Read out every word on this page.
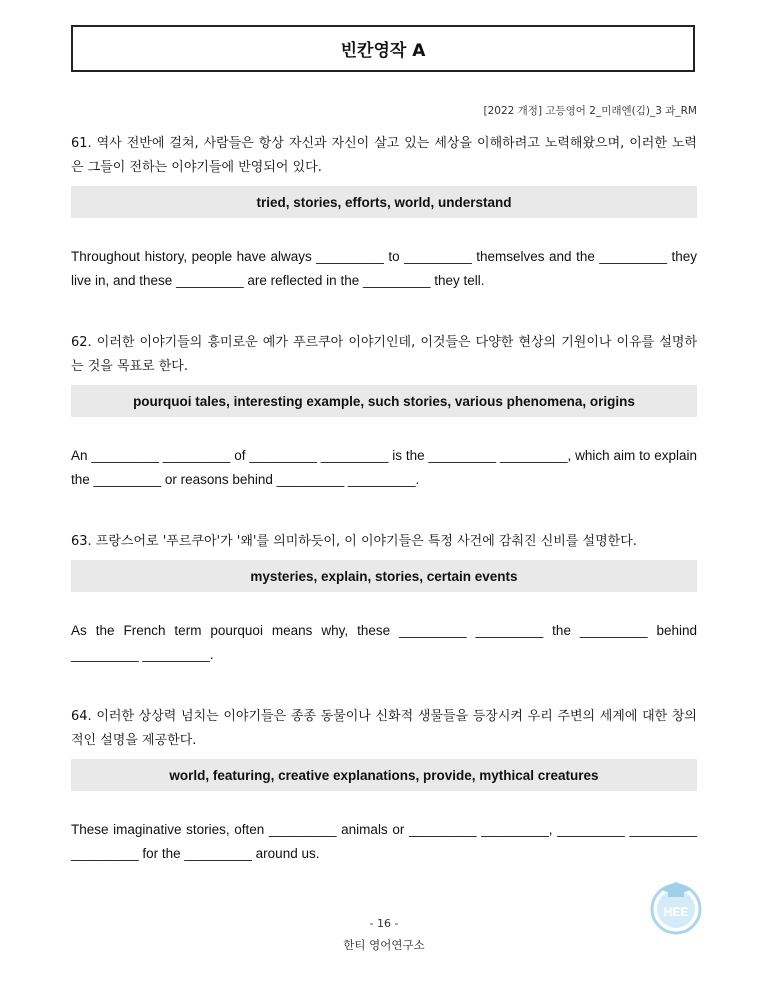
빈칸영작 A
[2022 개정] 고등영어 2_미래엔(김)_3 과_RM

61. 역사 전반에 걸쳐, 사람들은 항상 자신과 자신이 살고 있는 세상을 이해하려고 노력해왔으며, 이러한 노력은 그들이 전하는 이야기들에 반영되어 있다.

tried, stories, efforts, world, understand

Throughout history, people have always _________ to _________ themselves and the _________ they live in, and these _________ are reflected in the _________ they tell.

62. 이러한 이야기들의 흥미로운 예가 푸르쿠아 이야기인데, 이것들은 다양한 현상의 기원이나 이유를 설명하는 것을 목표로 한다.

pourquoi tales, interesting example, such stories, various phenomena, origins

An _________ _________ of _________ _________ is the _________ _________, which aim to explain the _________ or reasons behind _________ _________.

63. 프랑스어로 '푸르쿠아'가 '왜'를 의미하듯이, 이 이야기들은 특정 사건에 감춰진 신비를 설명한다.

mysteries, explain, stories, certain events

As the French term pourquoi means why, these _________ _________ the _________ behind _________ _________.

64. 이러한 상상력 넘치는 이야기들은 종종 동물이나 신화적 생물들을 등장시켜 우리 주변의 세계에 대한 창의적인 설명을 제공한다.

world, featuring, creative explanations, provide, mythical creatures

These imaginative stories, often _________ animals or _________ _________, _________ _________ _________ for the _________ around us.

- 16 -
한티 영어연구소
HEE
